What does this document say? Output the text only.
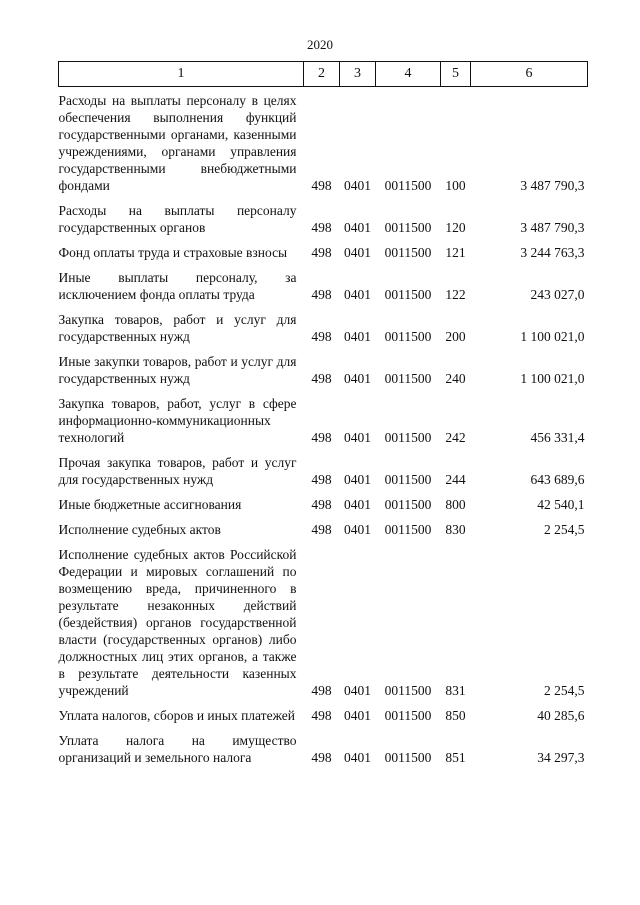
2020
1	2	3	4	5	6
Расходы на выплаты персоналу в целях обеспечения выполнения функций государственными органами, казенными учреждениями, органами управления государственными внебюджетными фондами	498	0401	0011500	100	3 487 790,3
Расходы на выплаты персоналу государственных органов	498	0401	0011500	120	3 487 790,3
Фонд оплаты труда и страховые взносы	498	0401	0011500	121	3 244 763,3
Иные выплаты персоналу, за исключением фонда оплаты труда	498	0401	0011500	122	243 027,0
Закупка товаров, работ и услуг для государственных нужд	498	0401	0011500	200	1 100 021,0
Иные закупки товаров, работ и услуг для государственных нужд	498	0401	0011500	240	1 100 021,0
Закупка товаров, работ, услуг в сфере информационно-коммуникационных технологий	498	0401	0011500	242	456 331,4
Прочая закупка товаров, работ и услуг для государственных нужд	498	0401	0011500	244	643 689,6
Иные бюджетные ассигнования	498	0401	0011500	800	42 540,1
Исполнение судебных актов	498	0401	0011500	830	2 254,5
Исполнение судебных актов Российской Федерации и мировых соглашений по возмещению вреда, причиненного в результате незаконных действий (бездействия) органов государственной власти (государственных органов) либо должностных лиц этих органов, а также в результате деятельности казенных учреждений	498	0401	0011500	831	2 254,5
Уплата налогов, сборов и иных платежей	498	0401	0011500	850	40 285,6
Уплата налога на имущество организаций и земельного налога	498	0401	0011500	851	34 297,3
